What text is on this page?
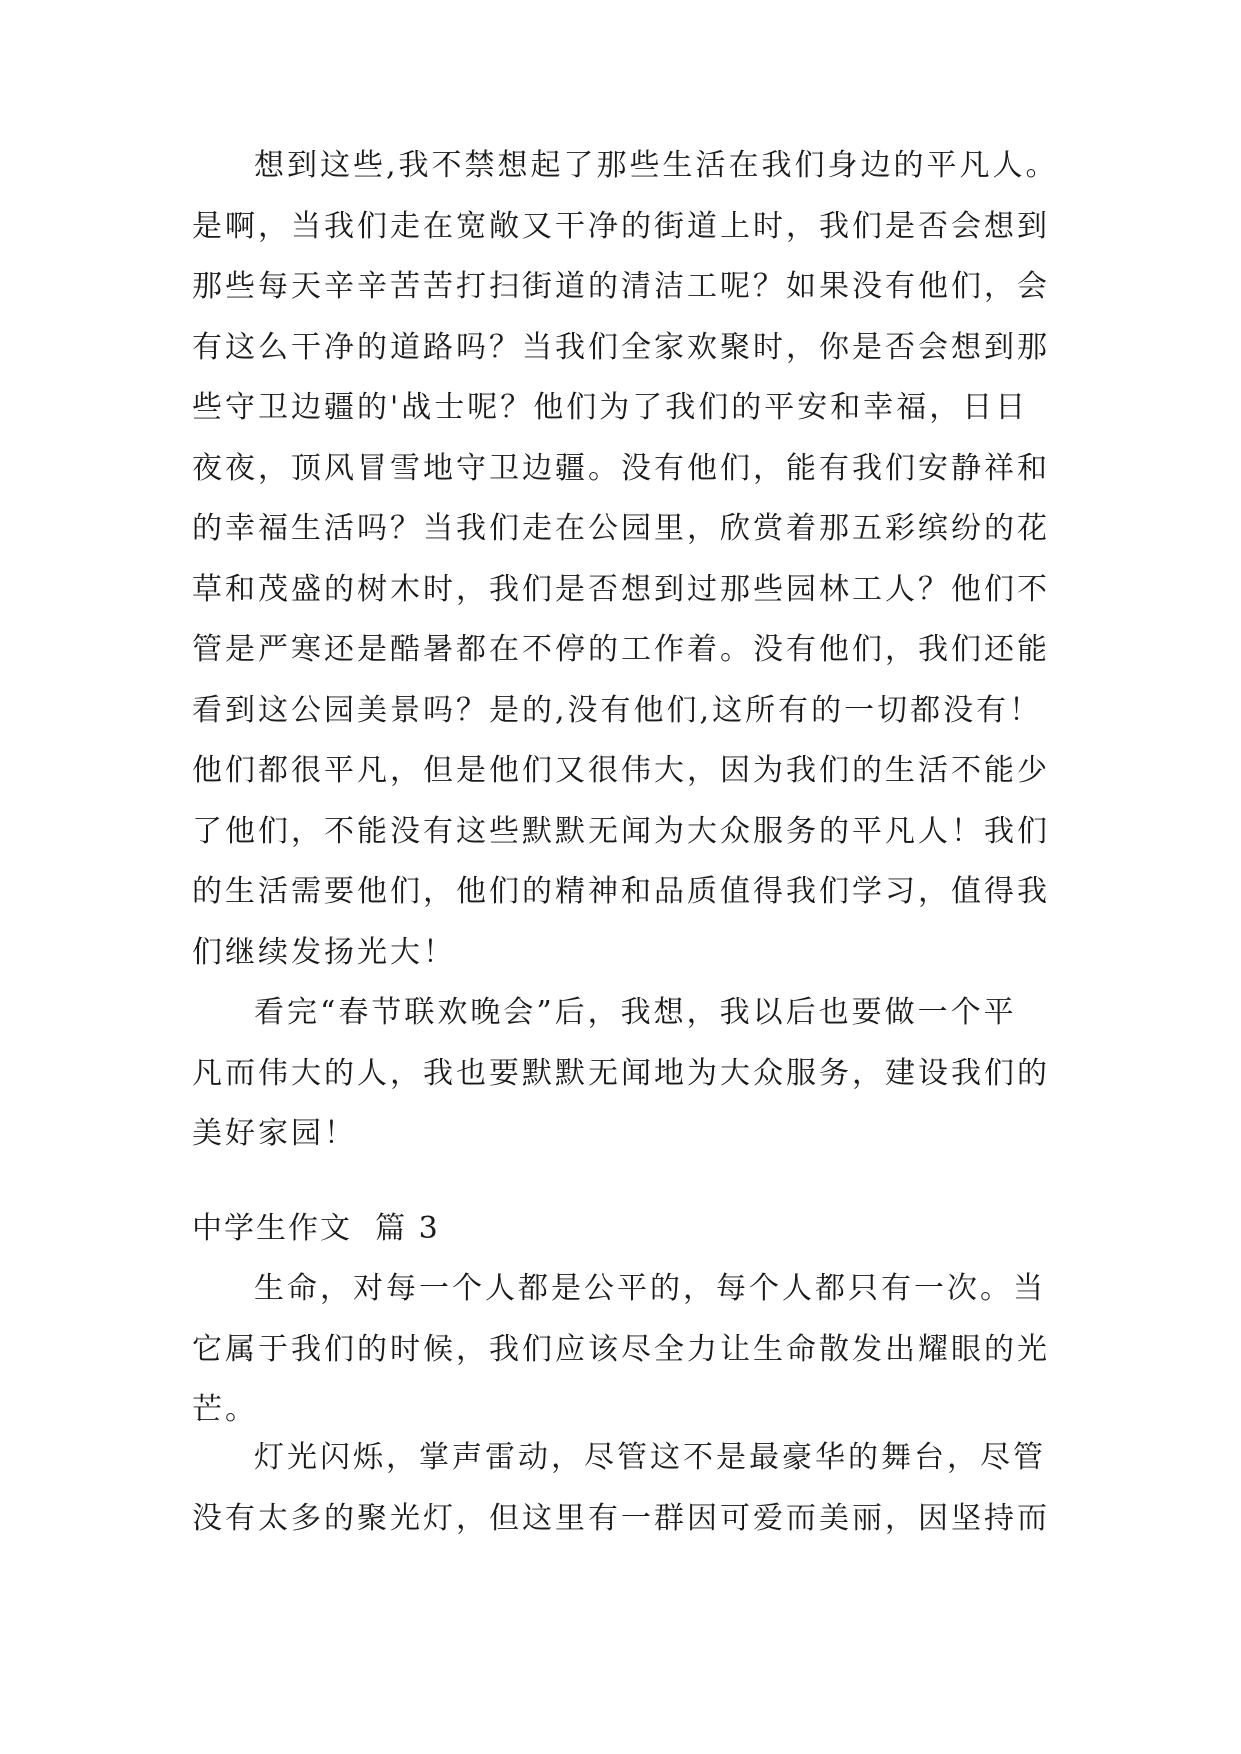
想到这些,我不禁想起了那些生活在我们身边的平凡人。
是啊，当我们走在宽敞又干净的街道上时，我们是否会想到
那些每天辛辛苦苦打扫街道的清洁工呢？如果没有他们，会
有这么干净的道路吗？当我们全家欢聚时，你是否会想到那
些守卫边疆的'战士呢？他们为了我们的平安和幸福，日日
夜夜，顶风冒雪地守卫边疆。没有他们，能有我们安静祥和
的幸福生活吗？当我们走在公园里，欣赏着那五彩缤纷的花
草和茂盛的树木时，我们是否想到过那些园林工人？他们不
管是严寒还是酷暑都在不停的工作着。没有他们，我们还能
看到这公园美景吗？是的,没有他们,这所有的一切都没有！
他们都很平凡，但是他们又很伟大，因为我们的生活不能少
了他们，不能没有这些默默无闻为大众服务的平凡人！我们
的生活需要他们，他们的精神和品质值得我们学习，值得我
们继续发扬光大！

看完“春节联欢晚会”后，我想，我以后也要做一个平
凡而伟大的人，我也要默默无闻地为大众服务，建设我们的
美好家园！

中学生作文  篇 3

生命，对每一个人都是公平的，每个人都只有一次。当
它属于我们的时候，我们应该尽全力让生命散发出耀眼的光
芒。

灯光闪烁，掌声雷动，尽管这不是最豪华的舞台，尽管
没有太多的聚光灯，但这里有一群因可爱而美丽，因坚持而
